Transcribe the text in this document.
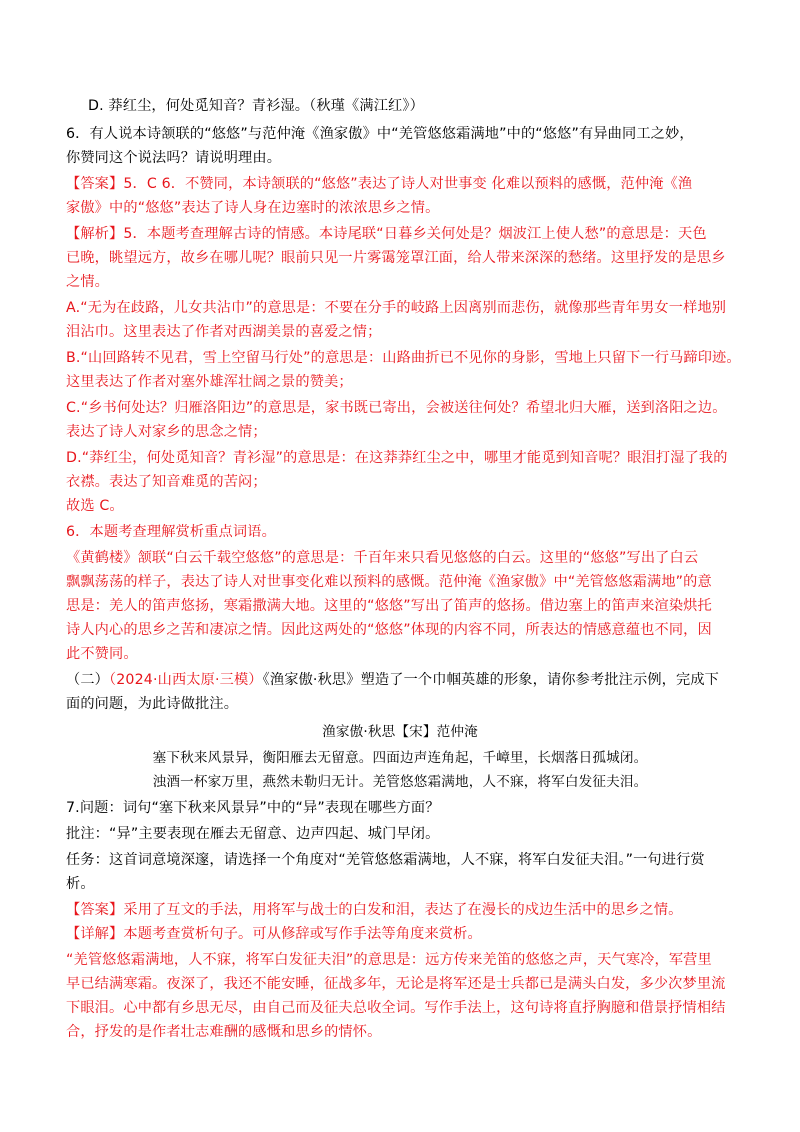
D. 莽红尘，何处觅知音？青衫湿。（秋瑾《满江红》）
6．有人说本诗颔联的“悠悠”与范仲淹《渔家傲》中“羌管悠悠霜满地”中的“悠悠”有异曲同工之妙，
你赞同这个说法吗？请说明理由。
【答案】5．C 6．不赞同，本诗颔联的“悠悠”表达了诗人对世事变 化难以预料的感慨，范仲淹《渔
家傲》中的“悠悠”表达了诗人身在边塞时的浓浓思乡之情。
【解析】5．本题考查理解古诗的情感。本诗尾联“日暮乡关何处是？烟波江上使人愁”的意思是：天色
已晚，眺望远方，故乡在哪儿呢？眼前只见一片雾霭笼罩江面，给人带来深深的愁绪。这里抒发的是思乡
之情。
A.“无为在歧路，儿女共沾巾”的意思是：不要在分手的岐路上因离别而悲伤，就像那些青年男女一样地别
泪沾巾。这里表达了作者对西湖美景的喜爱之情；
B.“山回路转不见君，雪上空留马行处”的意思是：山路曲折已不见你的身影，雪地上只留下一行马蹄印迹。
这里表达了作者对塞外雄浑壮阔之景的赞美；
C.“乡书何处达？归雁洛阳边”的意思是，家书既已寄出，会被送往何处？希望北归大雁，送到洛阳之边。
表达了诗人对家乡的思念之情；
D.“莽红尘，何处觅知音？青衫湿”的意思是：在这莽莽红尘之中，哪里才能觅到知音呢？眼泪打湿了我的
衣襟。表达了知音难觅的苦闷；
故选 C。
6．本题考查理解赏析重点词语。
《黄鹤楼》颔联“白云千载空悠悠”的意思是：千百年来只看见悠悠的白云。这里的“悠悠”写出了白云
飘飘荡荡的样子，表达了诗人对世事变化难以预料的感慨。范仲淹《渔家傲》中“羌管悠悠霜满地”的意
思是：羌人的笛声悠扬，寒霜撒满大地。这里的“悠悠”写出了笛声的悠扬。借边塞上的笛声来渲染烘托
诗人内心的思乡之苦和凄凉之情。因此这两处的“悠悠”体现的内容不同，所表达的情感意蕴也不同，因
此不赞同。
（二）（2024·山西太原·三模）《渔家傲·秋思》塑造了一个巾帼英雄的形象，请你参考批注示例，完成下
面的问题，为此诗做批注。
渔家傲·秋思【宋】范仲淹
塞下秋来风景异，衡阳雁去无留意。四面边声连角起，千嶂里，长烟落日孤城闭。
浊酒一杯家万里，燕然未勒归无计。羌管悠悠霜满地，人不寐，将军白发征夫泪。
7.问题：词句“塞下秋来风景异”中的“异”表现在哪些方面？
批注：“异”主要表现在雁去无留意、边声四起、城门早闭。
任务：这首词意境深邃，请选择一个角度对“羌管悠悠霜满地，人不寐，将军白发征夫泪。”一句进行赏
析。
【答案】采用了互文的手法，用将军与战士的白发和泪，表达了在漫长的戍边生活中的思乡之情。
【详解】本题考查赏析句子。可从修辞或写作手法等角度来赏析。
“羌管悠悠霜满地，人不寐，将军白发征夫泪”的意思是：远方传来羌笛的悠悠之声，天气寒冷，军营里
早已结满寒霜。夜深了，我还不能安睡，征战多年，无论是将军还是士兵都已是满头白发，多少次梦里流
下眼泪。心中都有乡思无尽，由自己而及征夫总收全词。写作手法上，这句诗将直抒胸臆和借景抒情相结
合，抒发的是作者壮志难酬的感慨和思乡的情怀。
